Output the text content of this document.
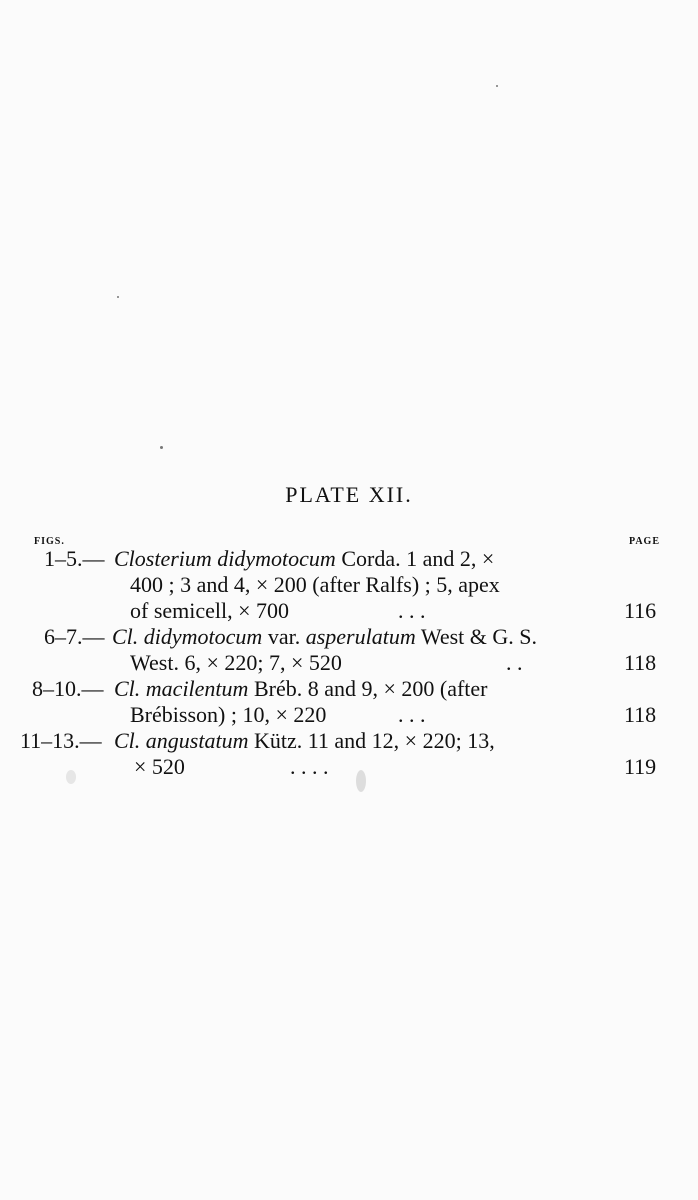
PLATE XII.
FIGS.	PAGE
1–5.— Closterium didymotocum Corda. 1 and 2, ×
400 ; 3 and 4, × 200 (after Ralfs) ; 5, apex
of semicell, × 700	. . .	116
6–7.— Cl. didymotocum var. asperulatum West & G. S.
West. 6, × 220; 7, × 520	. .	118
8–10.— Cl. macilentum Bréb. 8 and 9, × 200 (after
Brébisson) ; 10, × 220	. . .	118
11–13.— Cl. angustatum Kütz. 11 and 12, × 220; 13,
× 520	. . . .	119
